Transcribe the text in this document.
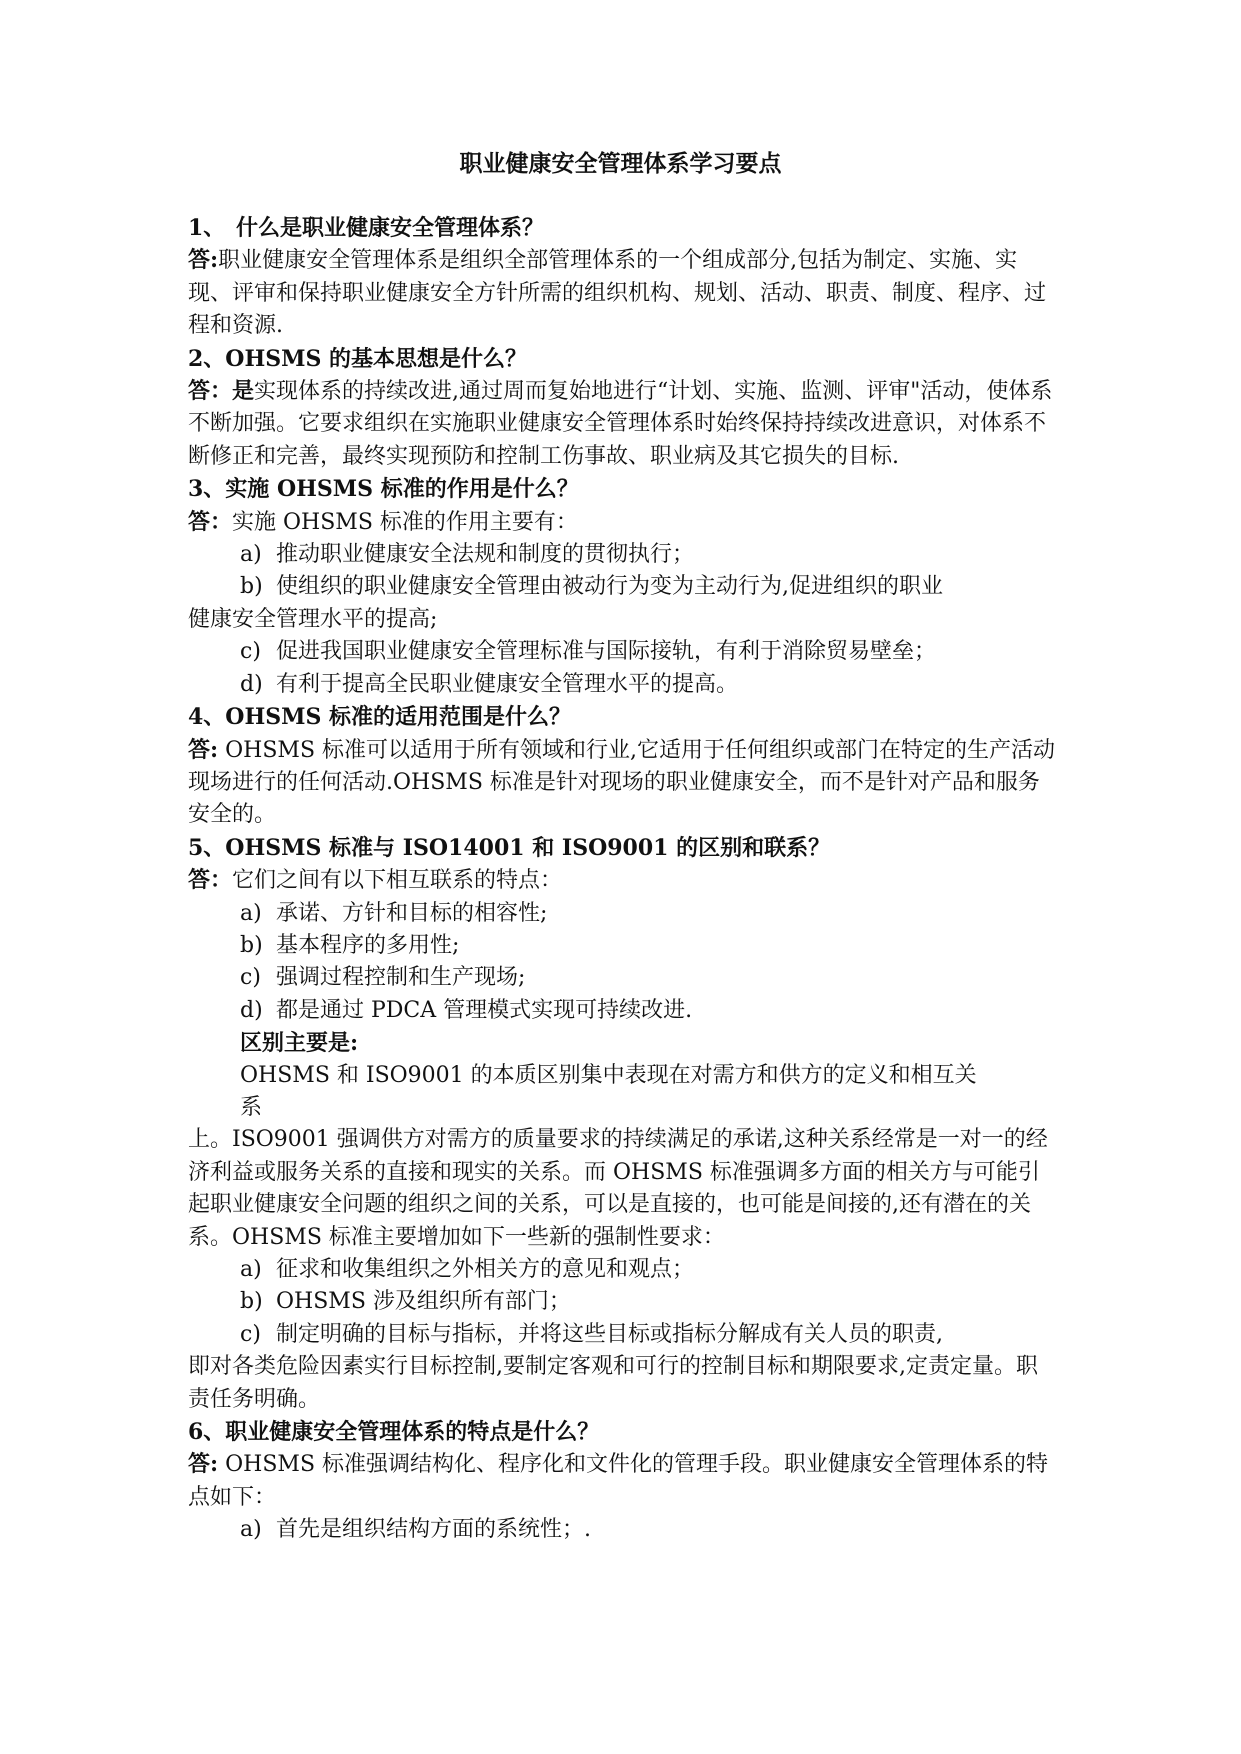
职业健康安全管理体系学习要点

1、 什么是职业健康安全管理体系？

答:职业健康安全管理体系是组织全部管理体系的一个组成部分,包括为制定、实施、实现、评审和保持职业健康安全方针所需的组织机构、规划、活动、职责、制度、程序、过程和资源.

2、OHSMS 的基本思想是什么？

答：是实现体系的持续改进,通过周而复始地进行“计划、实施、监测、评审"活动，使体系不断加强。它要求组织在实施职业健康安全管理体系时始终保持持续改进意识，对体系不断修正和完善，最终实现预防和控制工伤事故、职业病及其它损失的目标.

3、实施 OHSMS 标准的作用是什么？

答：实施 OHSMS 标准的作用主要有：

a) 推动职业健康安全法规和制度的贯彻执行；

b) 使组织的职业健康安全管理由被动行为变为主动行为,促进组织的职业

健康安全管理水平的提高;

c) 促进我国职业健康安全管理标准与国际接轨，有利于消除贸易壁垒；

d) 有利于提高全民职业健康安全管理水平的提高。

4、OHSMS 标准的适用范围是什么？

答: OHSMS 标准可以适用于所有领域和行业,它适用于任何组织或部门在特定的生产活动现场进行的任何活动.OHSMS 标准是针对现场的职业健康安全，而不是针对产品和服务安全的。

5、OHSMS 标准与 ISO14001 和 ISO9001 的区别和联系？

答：它们之间有以下相互联系的特点：

a) 承诺、方针和目标的相容性;

b) 基本程序的多用性;

c) 强调过程控制和生产现场;

d) 都是通过 PDCA 管理模式实现可持续改进.

区别主要是:

OHSMS 和 ISO9001 的本质区别集中表现在对需方和供方的定义和相互关

系

上。ISO9001 强调供方对需方的质量要求的持续满足的承诺,这种关系经常是一对一的经济利益或服务关系的直接和现实的关系。而 OHSMS 标准强调多方面的相关方与可能引起职业健康安全问题的组织之间的关系，可以是直接的，也可能是间接的,还有潜在的关系。OHSMS 标准主要增加如下一些新的强制性要求：

a) 征求和收集组织之外相关方的意见和观点；

b) OHSMS 涉及组织所有部门；

c) 制定明确的目标与指标，并将这些目标或指标分解成有关人员的职责,

即对各类危险因素实行目标控制,要制定客观和可行的控制目标和期限要求,定责定量。职责任务明确。

6、职业健康安全管理体系的特点是什么？

答: OHSMS 标准强调结构化、程序化和文件化的管理手段。职业健康安全管理体系的特点如下：

a) 首先是组织结构方面的系统性；.
